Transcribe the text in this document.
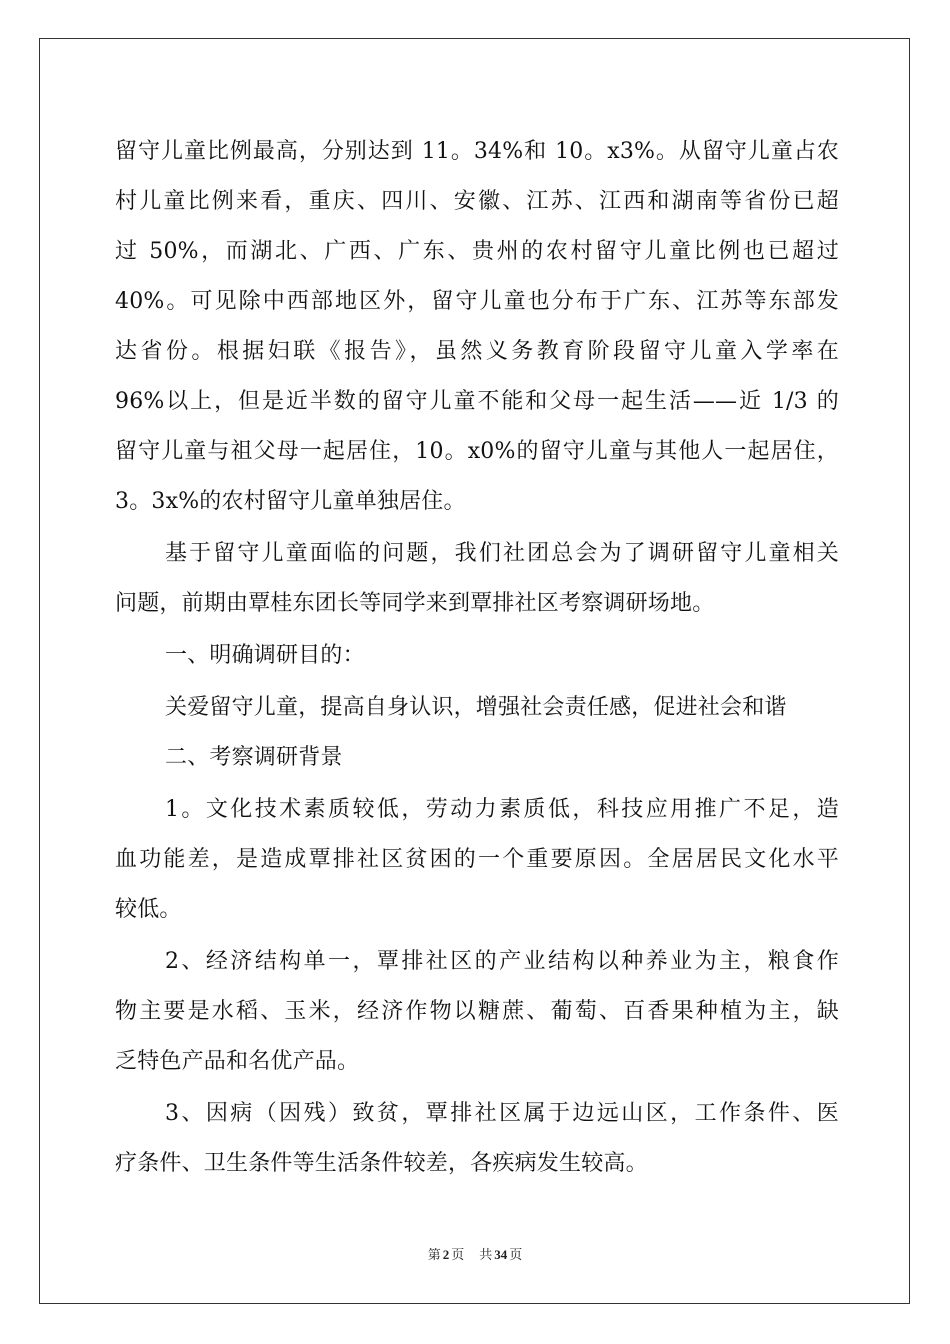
留守儿童比例最高，分别达到 11。34%和 10。x3%。从留守儿童占农
村儿童比例来看，重庆、四川、安徽、江苏、江西和湖南等省份已超
过 50%，而湖北、广西、广东、贵州的农村留守儿童比例也已超过
40%。可见除中西部地区外，留守儿童也分布于广东、江苏等东部发
达省份。根据妇联《报告》，虽然义务教育阶段留守儿童入学率在
96%以上，但是近半数的留守儿童不能和父母一起生活——近 1/3 的
留守儿童与祖父母一起居住，10。x0%的留守儿童与其他人一起居住，
3。3x%的农村留守儿童单独居住。
基于留守儿童面临的问题，我们社团总会为了调研留守儿童相关
问题，前期由覃桂东团长等同学来到覃排社区考察调研场地。
一、明确调研目的：
关爱留守儿童，提高自身认识，增强社会责任感，促进社会和谐
二、考察调研背景
1。文化技术素质较低，劳动力素质低，科技应用推广不足，造
血功能差，是造成覃排社区贫困的一个重要原因。全居居民文化水平
较低。
2、经济结构单一，覃排社区的产业结构以种养业为主，粮食作
物主要是水稻、玉米，经济作物以糖蔗、葡萄、百香果种植为主，缺
乏特色产品和名优产品。
3、因病（因残）致贫，覃排社区属于边远山区，工作条件、医
疗条件、卫生条件等生活条件较差，各疾病发生较高。
第 2 页 共 34 页
